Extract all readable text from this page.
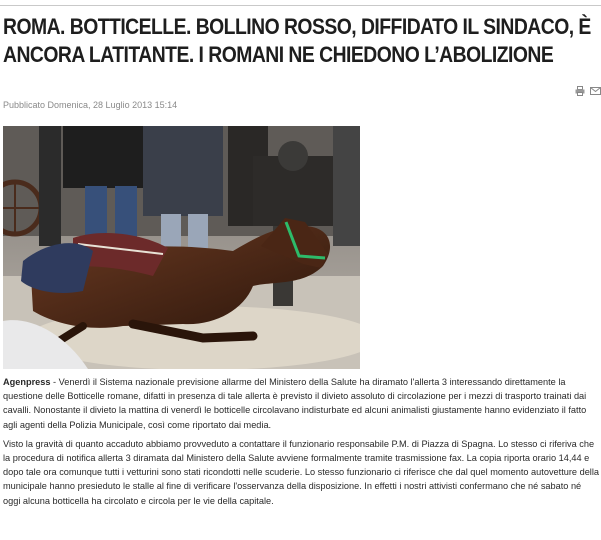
ROMA. BOTTICELLE. BOLLINO ROSSO, DIFFIDATO IL SINDACO, È ANCORA LATITANTE. I ROMANI NE CHIEDONO L’ABOLIZIONE
Pubblicato Domenica, 28 Luglio 2013 15:14

Agenpress - Venerdì il Sistema nazionale previsione allarme del Ministero della Salute ha diramato l'allerta 3 interessando direttamente la questione delle Botticelle romane, difatti in presenza di tale allerta è previsto il divieto assoluto di circolazione per i mezzi di trasporto trainati dai cavalli. Nonostante il divieto la mattina di venerdì le botticelle circolavano indisturbate ed alcuni animalisti giustamente hanno evidenziato il fatto agli agenti della Polizia Municipale, così come riportato dai media.

Visto la gravità di quanto accaduto abbiamo provveduto a contattare il funzionario responsabile P.M. di Piazza di Spagna. Lo stesso ci riferiva che la procedura di notifica allerta 3 diramata dal Ministero della Salute avviene formalmente tramite trasmissione fax. La copia riporta orario 14,44 e dopo tale ora comunque tutti i vetturini sono stati ricondotti nelle scuderie. Lo stesso funzionario ci riferisce che dal quel momento autovetture della municipale hanno presieduto le stalle al fine di verificare l'osservanza della disposizione. In effetti i nostri attivisti confermano che né sabato né oggi alcuna botticella ha circolato e circola per le vie della capitale.
